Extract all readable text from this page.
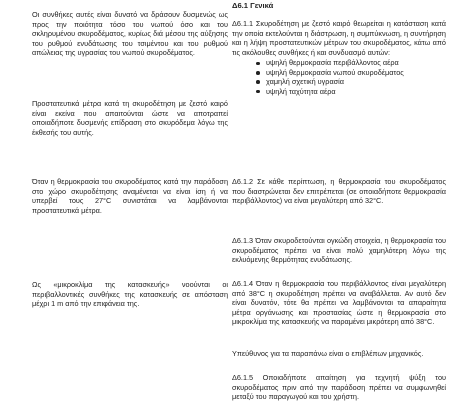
Δ6.1 Γενικά

Οι συνθήκες αυτές είναι δυνατό να δράσουν δυσμενώς ως προς την ποιότητα τόσο του νωπού όσο και του σκληρυμένου σκυροδέματος, κυρίως διά μέσου της αύξησης του ρυθμού ενυδάτωσης του τσιμέντου και του ρυθμού απώλειας της υγρασίας του νωπού σκυροδέματος.

Προστατευτικά μέτρα κατά τη σκυροδέτηση με ζεστό καιρό είναι εκείνα που απαιτούνται ώστε να αποτραπεί οποιαδήποτε δυσμενής επίδραση στο σκυρόδεμα λόγω της έκθεσής του αυτής.

Όταν η θερμοκρασία του σκυροδέματος κατά την παράδοση στο χώρο σκυροδέτησης αναμένεται να είναι ίση ή να υπερβεί τους 27°C συνιστάται να λαμβάνονται προστατευτικά μέτρα.

Ως «μικροκλίμα της κατασκευής» νοούνται οι περιβαλλοντικές συνθήκες της κατασκευής σε απόσταση μέχρι 1 m από την επιφάνεια της.

Δ6.1.1 Σκυροδέτηση με ζεστό καιρό θεωρείται η κατάσταση κατά την οποία εκτελούνται η διάστρωση, η συμπύκνωση, η συντήρηση και η λήψη προστατευτικών μέτρων του σκυροδέματος, κάτω από τις ακόλουθες συνθήκες ή και συνδυασμό αυτών:

υψηλή θερμοκρασία περιβάλλοντος αέρα
υψηλή θερμοκρασία νωπού σκυροδέματος
χαμηλή σχετική υγρασία
υψηλή ταχύτητα αέρα

Δ6.1.2 Σε κάθε περίπτωση, η θερμοκρασία του σκυροδέματος που διαστρώνεται δεν επιτρέπεται (σε οποιαδήποτε θερμοκρασία περιβάλλοντος) να είναι μεγαλύτερη από 32°C.

Δ6.1.3 Όταν σκυροδετούνται ογκώδη στοιχεία, η θερμοκρασία του σκυροδέματος πρέπει να είναι πολύ χαμηλότερη λόγω της εκλυόμενης θερμότητας ενυδάτωσης.

Δ6.1.4 Όταν η θερμοκρασία του περιβάλλοντος είναι μεγαλύτερη από 38°C η σκυροδέτηση πρέπει να αναβάλλεται. Αν αυτό δεν είναι δυνατόν, τότε θα πρέπει να λαμβάνονται τα απαραίτητα μέτρα οργάνωσης και προστασίας ώστε η θερμοκρασία στο μικροκλίμα της κατασκευής να παραμένει μικρότερη από 38°C.

Υπεύθυνος για τα παραπάνω είναι ο επιβλέπων μηχανικός.

Δ6.1.5 Οποιαδήποτε απαίτηση για τεχνητή ψύξη του σκυροδέματος πριν από την παράδοση πρέπει να συμφωνηθεί μεταξύ του παραγωγού και του χρήστη.
